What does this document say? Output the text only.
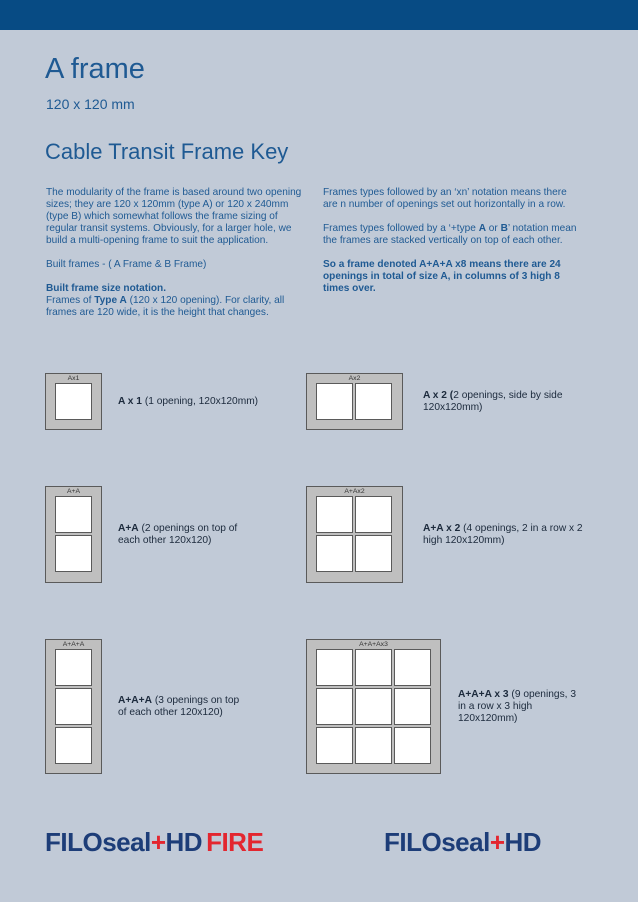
A frame
120 x 120 mm
Cable Transit Frame Key

The modularity of the frame is based around two opening sizes; they are 120 x 120mm (type A) or 120 x 240mm (type B) which somewhat follows the frame sizing of regular transit systems. Obviously, for a larger hole, we build a multi-opening frame to suit the application.

Built frames - ( A Frame & B Frame)

Built frame size notation.
Frames of Type A (120 x 120 opening). For clarity, all frames are 120 wide, it is the height that changes.

Frames types followed by an ‘xn’ notation means there are n number of openings set out horizontally in a row.

Frames types followed by a ‘+type A or B’ notation mean the frames are stacked vertically on top of each other.

So a frame denoted A+A+A x8 means there are 24 openings in total of size A, in columns of 3 high 8 times over.

Ax1
A x 1 (1 opening, 120x120mm)
Ax2
A x 2 (2 openings, side by side 120x120mm)
A+A
A+A (2 openings on top of each other 120x120)
A+Ax2
A+A x 2 (4 openings, 2 in a row x 2 high 120x120mm)
A+A+A
A+A+A (3 openings on top of each other 120x120)
A+A+Ax3
A+A+A x 3 (9 openings, 3 in a row x 3 high 120x120mm)
FILOseal+HD FIRE	FILOseal+HD
